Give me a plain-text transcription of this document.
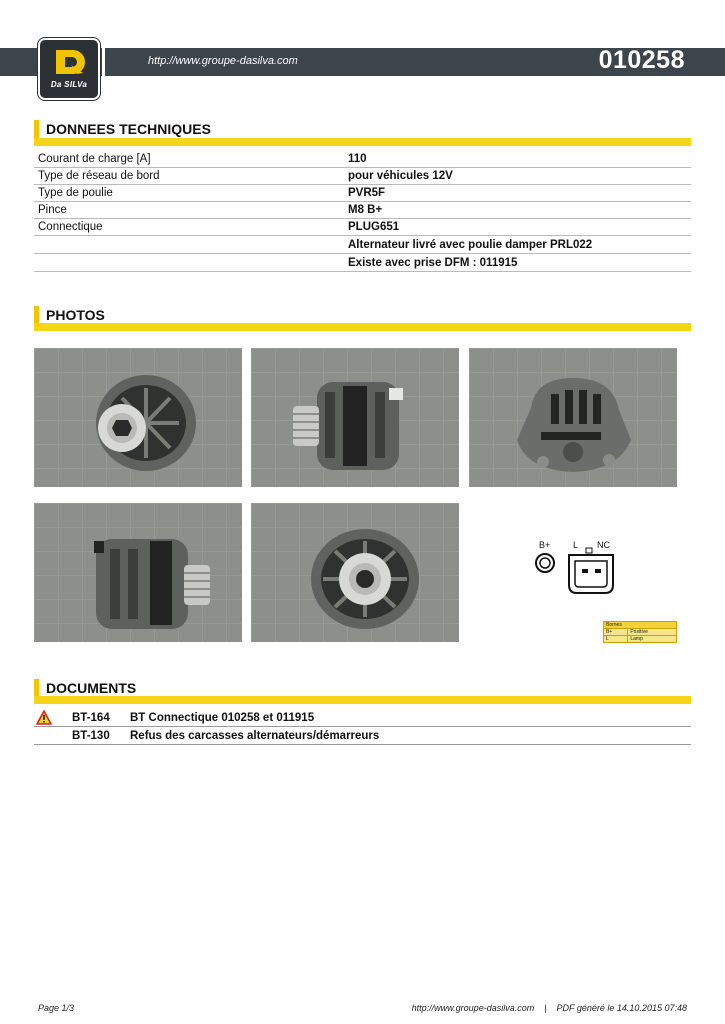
http://www.groupe-dasilva.com	010258
Da SILVa
DONNEES TECHNIQUES
Courant de charge [A]	110
Type de réseau de bord	pour véhicules 12V
Type de poulie	PVR5F
Pince	M8 B+
Connectique	PLUG651
Alternateur livré avec poulie damper PRL022
Existe avec prise DFM : 011915
PHOTOS
B+	L NC
Bornes	
B+	Positive
L	Lamp
DOCUMENTS
BT-164 BT Connectique 010258 et 011915
BT-130 Refus des carcasses alternateurs/démarreurs
Page 1/3	http://www.groupe-dasilva.com    |    PDF généré le 14.10.2015 07:48
